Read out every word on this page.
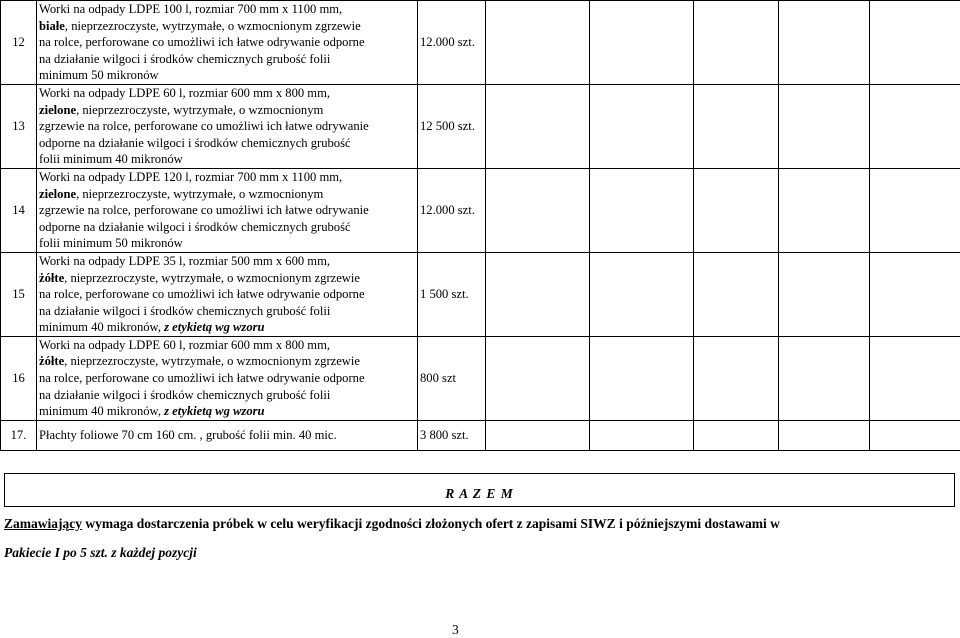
12	Worki na odpady LDPE 100 l, rozmiar 700 mm x 1100 mm,
białe, nieprzezroczyste, wytrzymałe, o wzmocnionym zgrzewie
na rolce, perforowane co umożliwi ich łatwe odrywanie odporne
na działanie wilgoci i środków chemicznych grubość folii
minimum 50 mikronów	12.000 szt.					
13	Worki na odpady LDPE 60 l, rozmiar 600 mm x 800 mm,
zielone, nieprzezroczyste, wytrzymałe, o wzmocnionym
zgrzewie na rolce, perforowane co umożliwi ich łatwe odrywanie
odporne na działanie wilgoci i środków chemicznych grubość
folii minimum 40 mikronów	12 500 szt.					
14	Worki na odpady LDPE 120 l, rozmiar 700 mm x 1100 mm,
zielone, nieprzezroczyste, wytrzymałe, o wzmocnionym
zgrzewie na rolce, perforowane co umożliwi ich łatwe odrywanie
odporne na działanie wilgoci i środków chemicznych grubość
folii minimum 50 mikronów	12.000 szt.					
15	Worki na odpady LDPE 35 l, rozmiar 500 mm x 600 mm,
żółte, nieprzezroczyste, wytrzymałe, o wzmocnionym zgrzewie
na rolce, perforowane co umożliwi ich łatwe odrywanie odporne
na działanie wilgoci i środków chemicznych grubość folii
minimum 40 mikronów, z etykietą wg wzoru	1 500 szt.					
16	Worki na odpady LDPE 60 l, rozmiar 600 mm x 800 mm,
żółte, nieprzezroczyste, wytrzymałe, o wzmocnionym zgrzewie
na rolce, perforowane co umożliwi ich łatwe odrywanie odporne
na działanie wilgoci i środków chemicznych grubość folii
minimum 40 mikronów, z etykietą wg wzoru	800 szt					
17.	Płachty foliowe 70 cm 160 cm. , grubość folii min. 40 mic.	3 800 szt.					
R A Z E M
Zamawiający wymaga dostarczenia próbek w celu weryfikacji zgodności złożonych ofert z zapisami SIWZ i późniejszymi dostawami w
Pakiecie I po 5 szt. z każdej pozycji
3
